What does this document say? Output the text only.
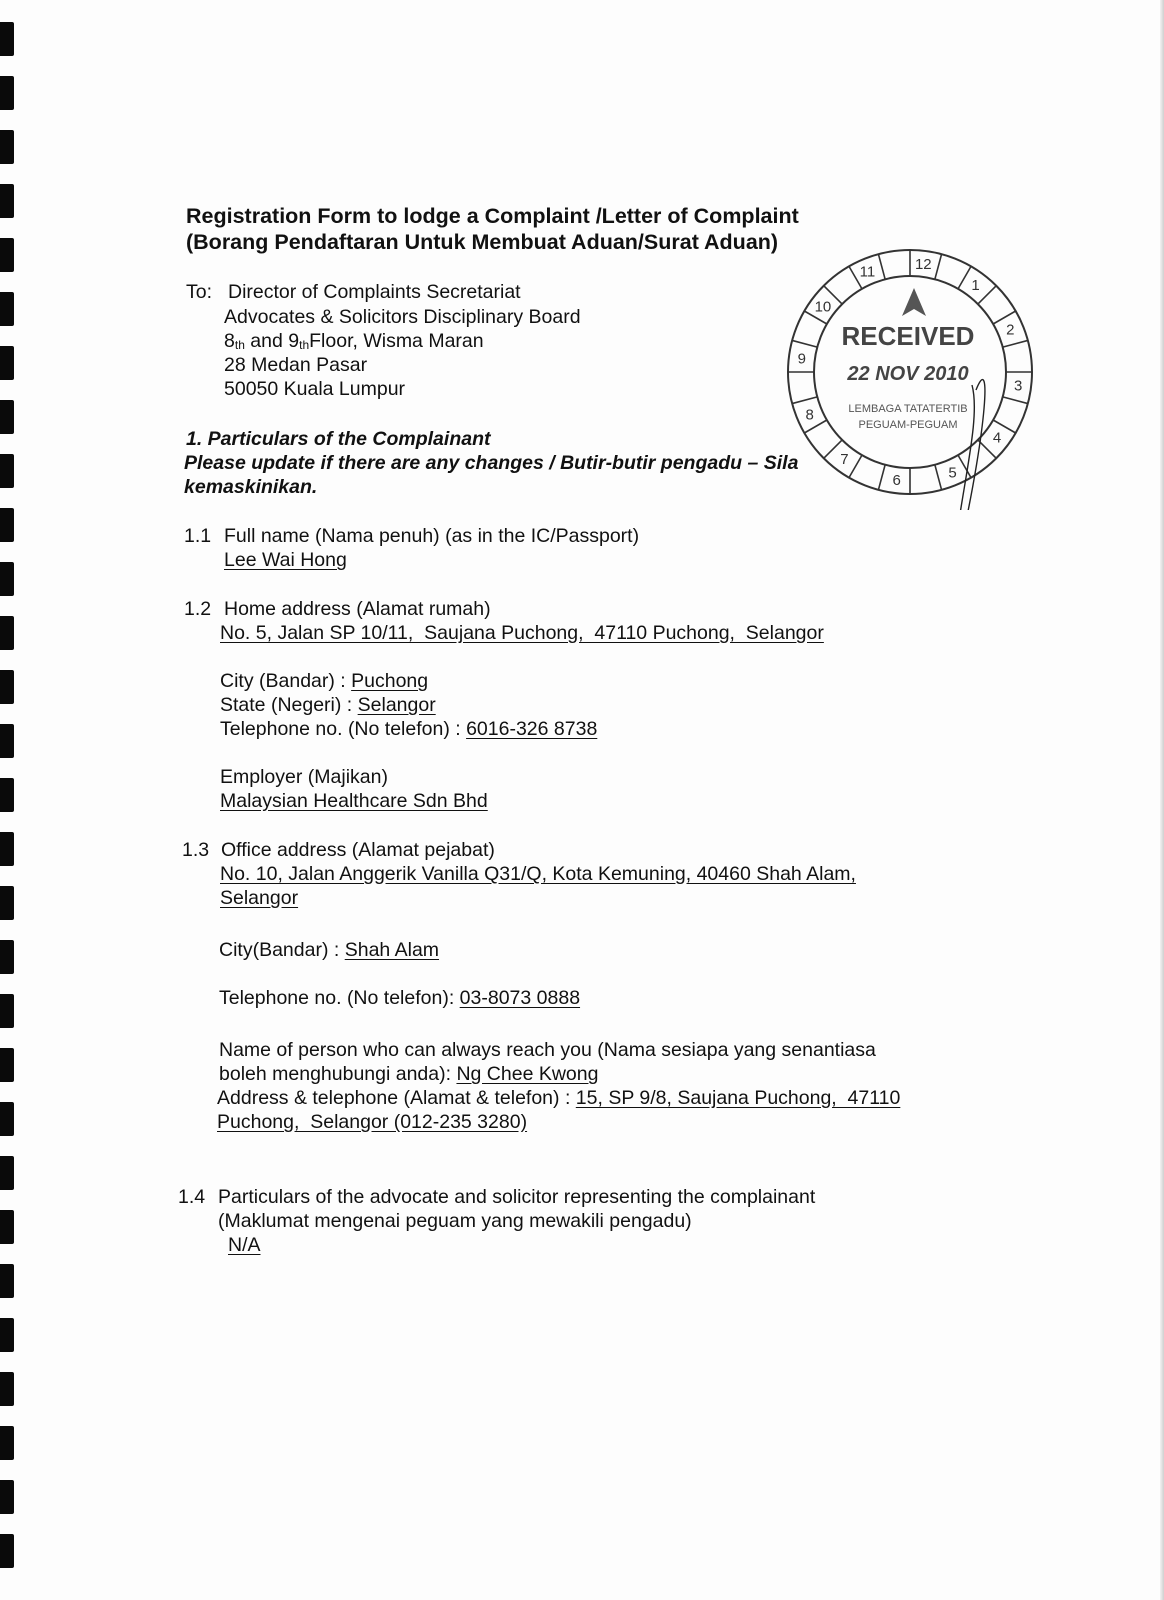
Registration Form to lodge a Complaint /Letter of Complaint
(Borang Pendaftaran Untuk Membuat Aduan/Surat Aduan)
To: Director of Complaints Secretariat
Advocates & Solicitors Disciplinary Board
$8_{th}$ and $9_{th}Floor$, Wisma Maran
28 Medan Pasar
50050 Kuala Lumpur
1. Particulars of the Complainant
Please update if there are any changes / Butir-butir pengadu – Sila
kemaskinikan.
1.1 Full name (Nama penuh) (as in the IC/Passport)
Lee Wai Hong
1.2 Home address (Alamat rumah)
No. 5, Jalan SP 10/11,  Saujana Puchong,  47110 Puchong,  Selangor
City (Bandar) : Puchong
State (Negeri) : Selangor
Telephone no. (No telefon) : 6016-326 8738
Employer (Majikan)
Malaysian Healthcare Sdn Bhd
1.3 Office address (Alamat pejabat)
No. 10, Jalan Anggerik Vanilla Q31/Q, Kota Kemuning, 40460 Shah Alam,
Selangor
City(Bandar) : Shah Alam
Telephone no. (No telefon): 03-8073 0888
Name of person who can always reach you (Nama sesiapa yang senantiasa
boleh menghubungi anda): Ng Chee Kwong
Address & telephone (Alamat & telefon) : 15, SP 9/8, Saujana Puchong,  47110
Puchong,  Selangor (012-235 3280)
1.4 Particulars of the advocate and solicitor representing the complainant
(Maklumat mengenai peguam yang mewakili pengadu)
N/A
10
11	12
1
2
3
9
8
7
6	5
4
RECEIVED
22 NOV 2010
LEMBAGA TATATERTIB
PEGUAM-PEGUAM
